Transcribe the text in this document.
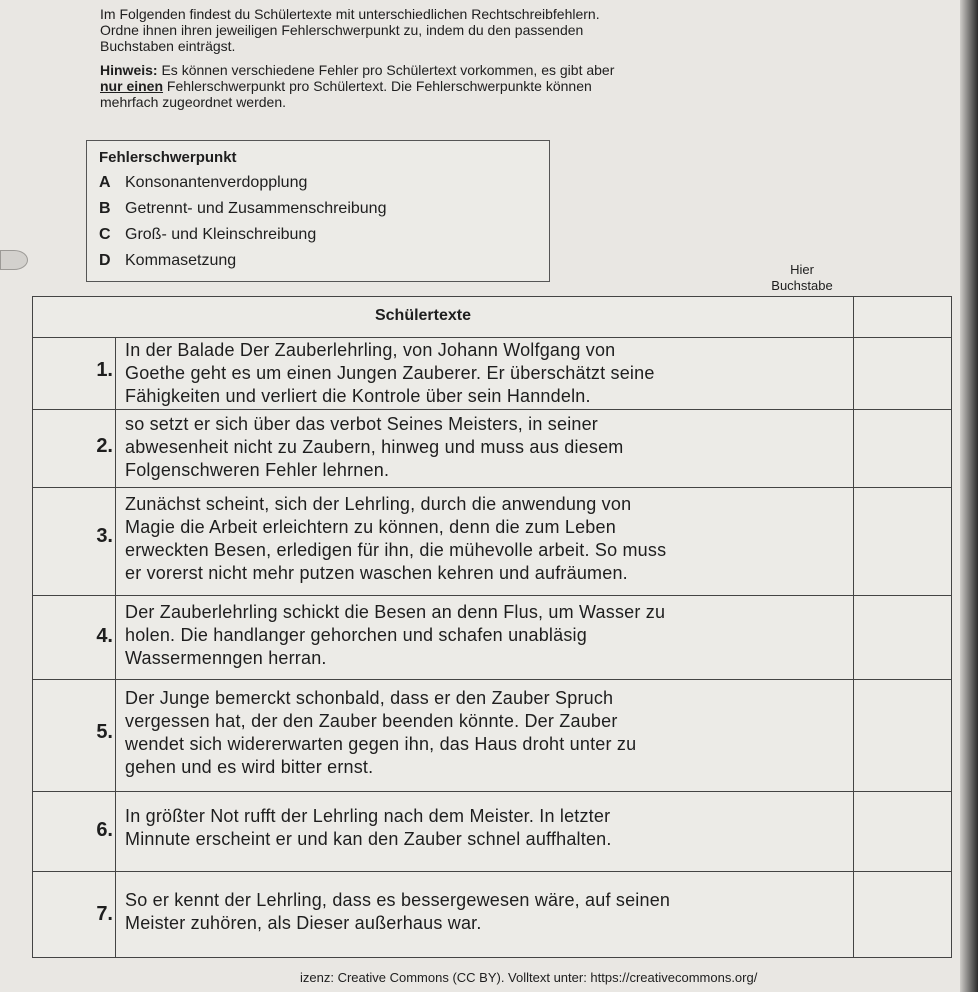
Im Folgenden findest du Schülertexte mit unterschiedlichen Rechtschreibfehlern.
Ordne ihnen ihren jeweiligen Fehlerschwerpunkt zu, indem du den passenden
Buchstaben einträgst.

Hinweis: Es können verschiedene Fehler pro Schülertext vorkommen, es gibt aber
nur einen Fehlerschwerpunkt pro Schülertext. Die Fehlerschwerpunkte können
mehrfach zugeordnet werden.

Fehlerschwerpunkt
A Konsonantenverdopplung
B Getrennt- und Zusammenschreibung
C Groß- und Kleinschreibung
D Kommasetzung
Hier
Buchstabe

Schülertexte
1.
In der Balade Der Zauberlehrling, von Johann Wolfgang von
Goethe geht es um einen Jungen Zauberer. Er überschätzt seine
Fähigkeiten und verliert die Kontrole über sein Hanndeln.
2.
so setzt er sich über das verbot Seines Meisters, in seiner
abwesenheit nicht zu Zaubern, hinweg und muss aus diesem
Folgenschweren Fehler lehrnen.
3.
Zunächst scheint, sich der Lehrling, durch die anwendung von
Magie die Arbeit erleichtern zu können, denn die zum Leben
erweckten Besen, erledigen für ihn, die mühevolle arbeit. So muss
er vorerst nicht mehr putzen waschen kehren und aufräumen.
4.
Der Zauberlehrling schickt die Besen an denn Flus, um Wasser zu
holen. Die handlanger gehorchen und schafen unabläsig
Wassermenngen herran.
5.
Der Junge bemerckt schonbald, dass er den Zauber Spruch
vergessen hat, der den Zauber beenden könnte. Der Zauber
wendet sich widererwarten gegen ihn, das Haus droht unter zu
gehen und es wird bitter ernst.
6.
In größter Not rufft der Lehrling nach dem Meister. In letzter
Minnute erscheint er und kan den Zauber schnel auffhalten.
7.
So er kennt der Lehrling, dass es bessergewesen wäre, auf seinen
Meister zuhören, als Dieser außerhaus war.
izenz: Creative Commons (CC BY). Volltext unter: https://creativecommons.org/
